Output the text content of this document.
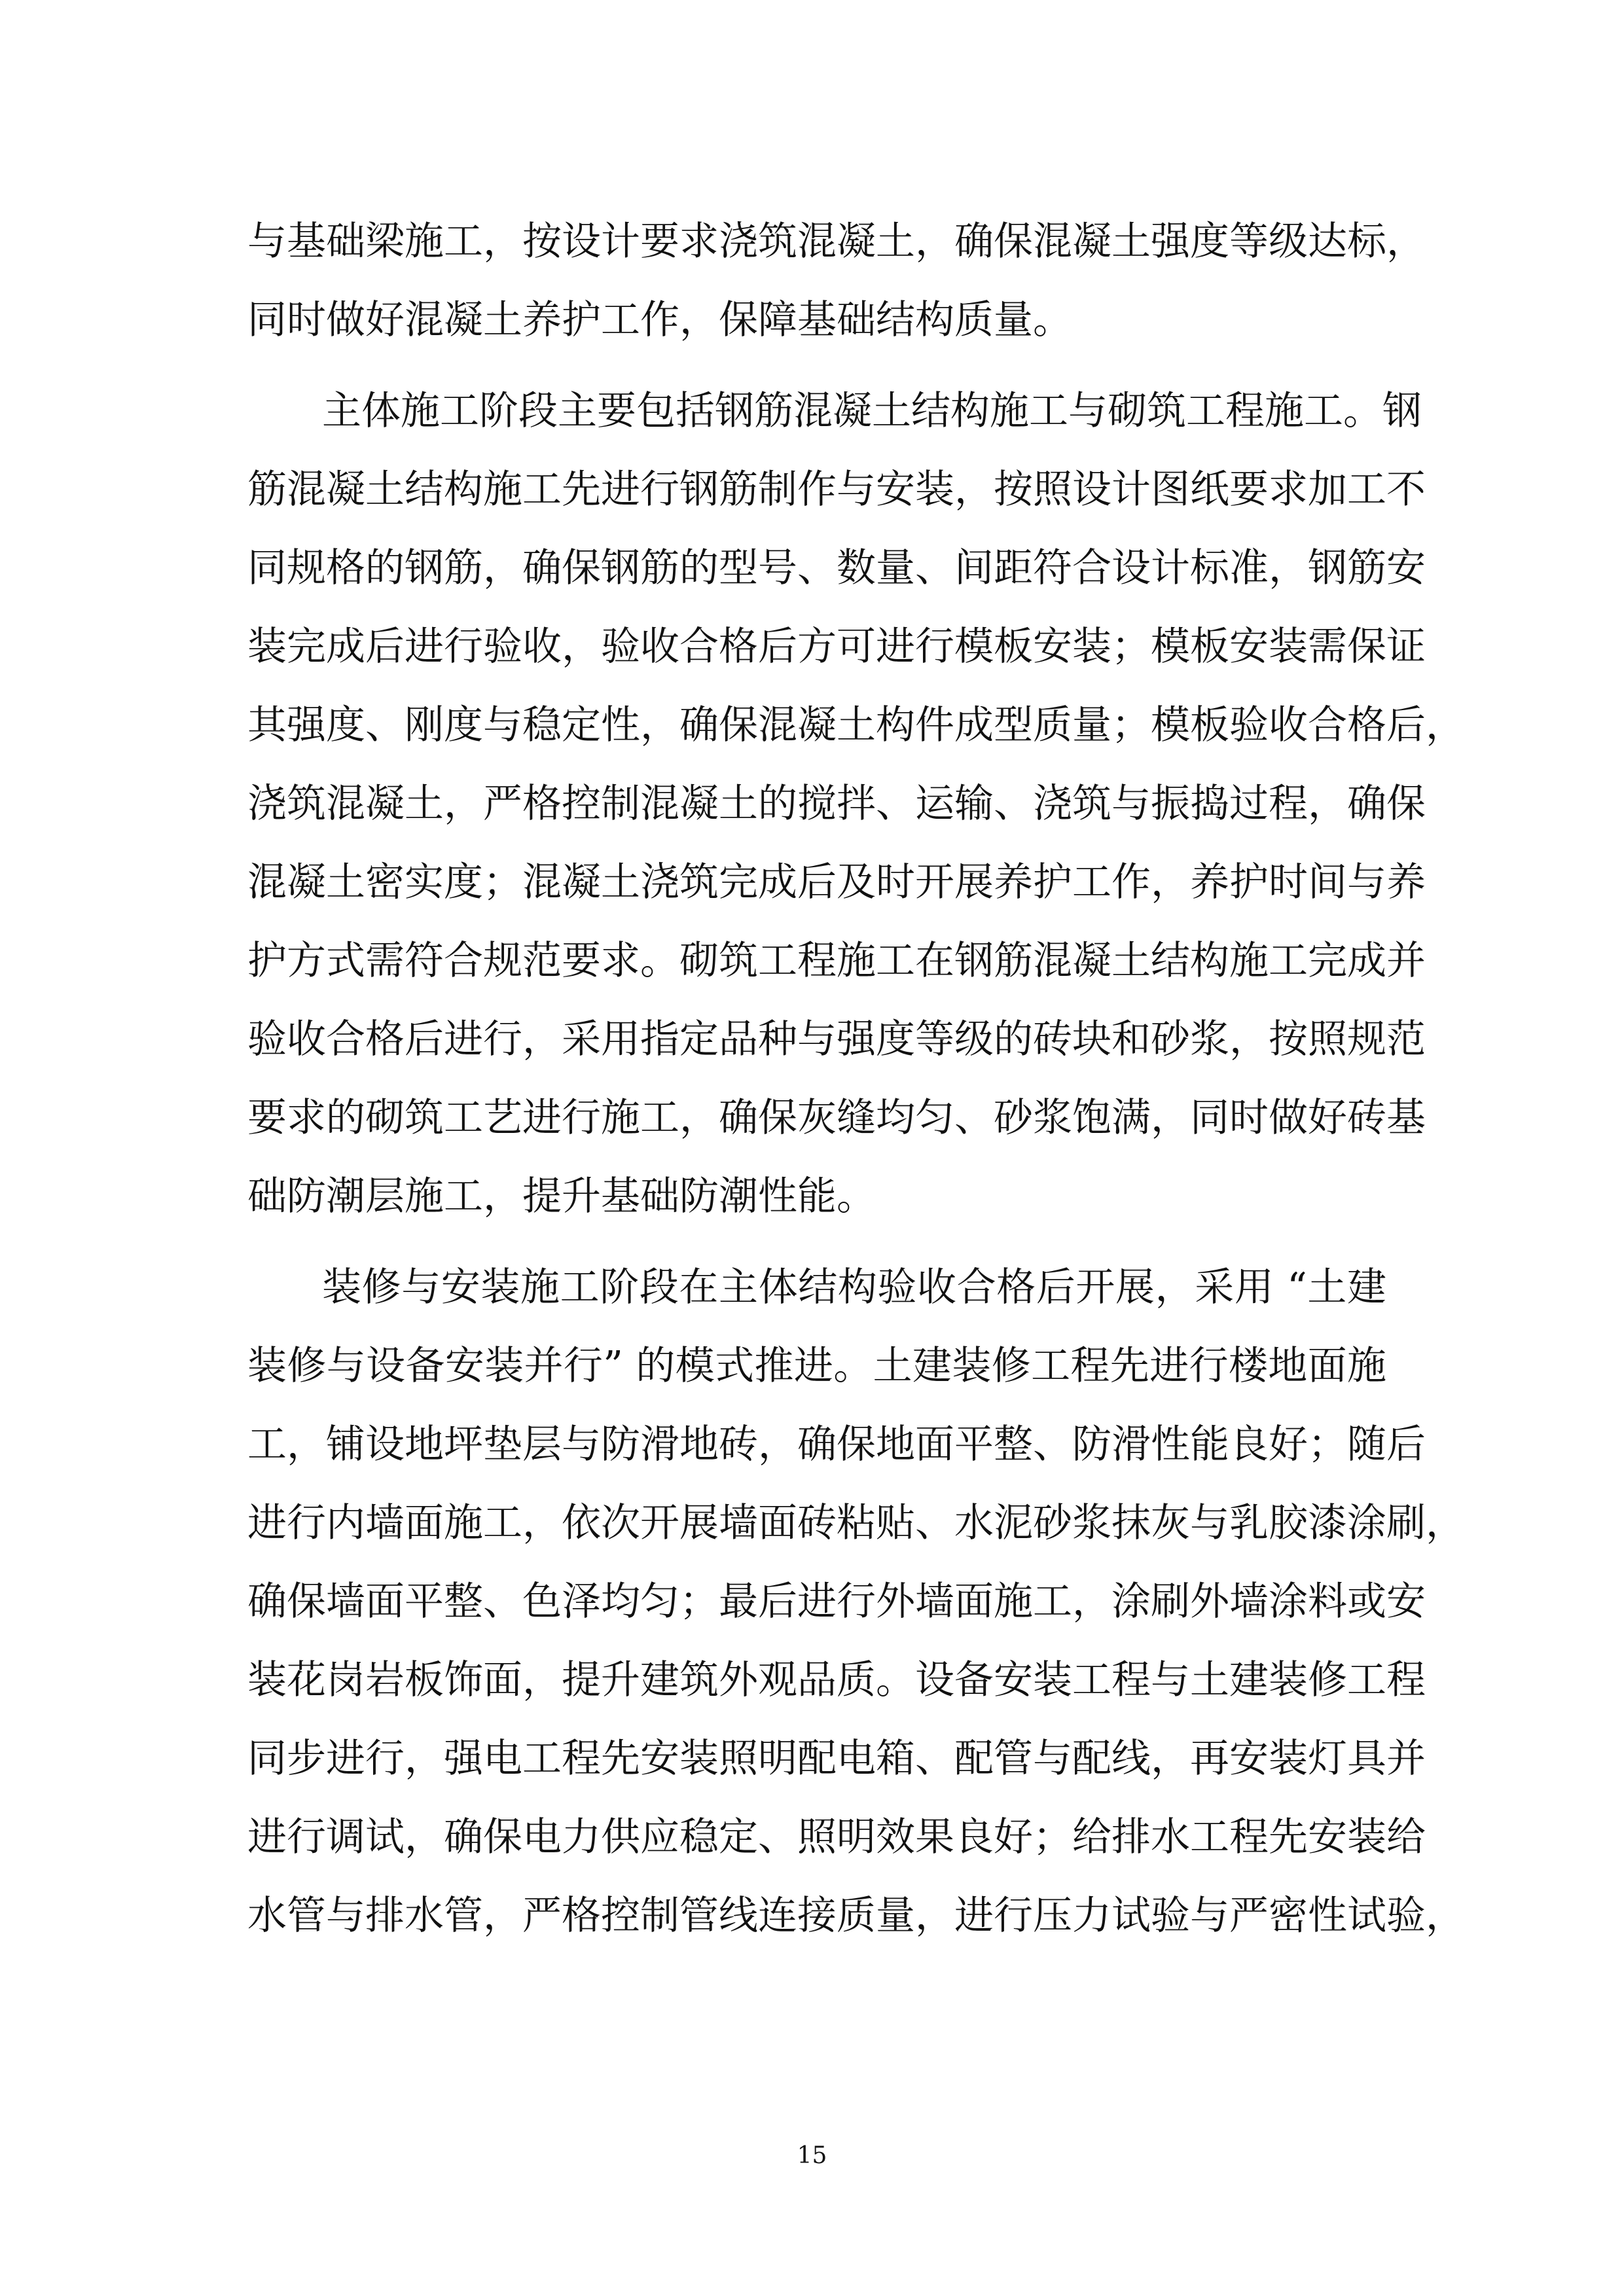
与基础梁施工，按设计要求浇筑混凝土，确保混凝土强度等级达标，
同时做好混凝土养护工作，保障基础结构质量。
主体施工阶段主要包括钢筋混凝土结构施工与砌筑工程施工。钢
筋混凝土结构施工先进行钢筋制作与安装，按照设计图纸要求加工不
同规格的钢筋，确保钢筋的型号、数量、间距符合设计标准，钢筋安
装完成后进行验收，验收合格后方可进行模板安装；模板安装需保证
其强度、刚度与稳定性，确保混凝土构件成型质量；模板验收合格后，
浇筑混凝土，严格控制混凝土的搅拌、运输、浇筑与振捣过程，确保
混凝土密实度；混凝土浇筑完成后及时开展养护工作，养护时间与养
护方式需符合规范要求。砌筑工程施工在钢筋混凝土结构施工完成并
验收合格后进行，采用指定品种与强度等级的砖块和砂浆，按照规范
要求的砌筑工艺进行施工，确保灰缝均匀、砂浆饱满，同时做好砖基
础防潮层施工，提升基础防潮性能。
装修与安装施工阶段在主体结构验收合格后开展，采用 “土建
装修与设备安装并行” 的模式推进。土建装修工程先进行楼地面施
工，铺设地坪垫层与防滑地砖，确保地面平整、防滑性能良好；随后
进行内墙面施工，依次开展墙面砖粘贴、水泥砂浆抹灰与乳胶漆涂刷，
确保墙面平整、色泽均匀；最后进行外墙面施工，涂刷外墙涂料或安
装花岗岩板饰面，提升建筑外观品质。设备安装工程与土建装修工程
同步进行，强电工程先安装照明配电箱、配管与配线，再安装灯具并
进行调试，确保电力供应稳定、照明效果良好；给排水工程先安装给
水管与排水管，严格控制管线连接质量，进行压力试验与严密性试验，
15
